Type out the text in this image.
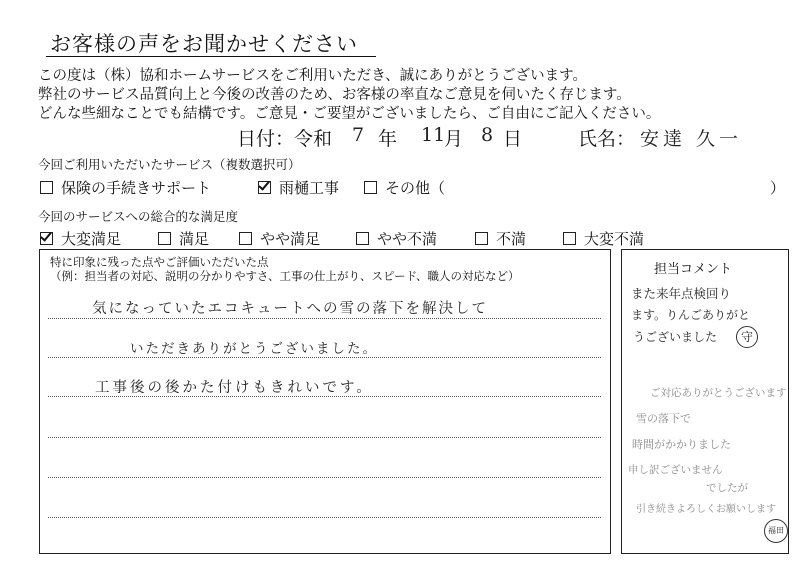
お客様の声をお聞かせください
この度は（株）協和ホームサービスをご利用いただき、誠にありがとうございます。
弊社のサービス品質向上と今後の改善のため、お客様の率直なご意見を伺いたく存じます。
どんな些細なことでも結構です。ご意見・ご要望がございましたら、ご自由にご記入ください。
日付：令和 7 年 11
月 8 日	氏名： 安達 久一
今回ご利用いただいたサービス（複数選択可）
保険の手続きサポート	雨樋工事	その他（	）
今回のサービスへの総合的な満足度
大変満足	満足	やや満足	やや不満	不満	大変不満
特に印象に残った点やご評価いただいた点
（例：担当者の対応、説明の分かりやすさ、工事の仕上がり、スピード、職人の対応など）
気になっていたエコキュートへの雪の落下を解決して
いただきありがとうございました。
工事後の後かた付けもきれいです。
担当コメント
また来年点検回り
ます。りんごありがと
うございました	守
ご対応ありがとうございます
雪の落下で
時間がかかりました
申し訳ございません
でしたが
引き続きよろしくお願いします
福田
